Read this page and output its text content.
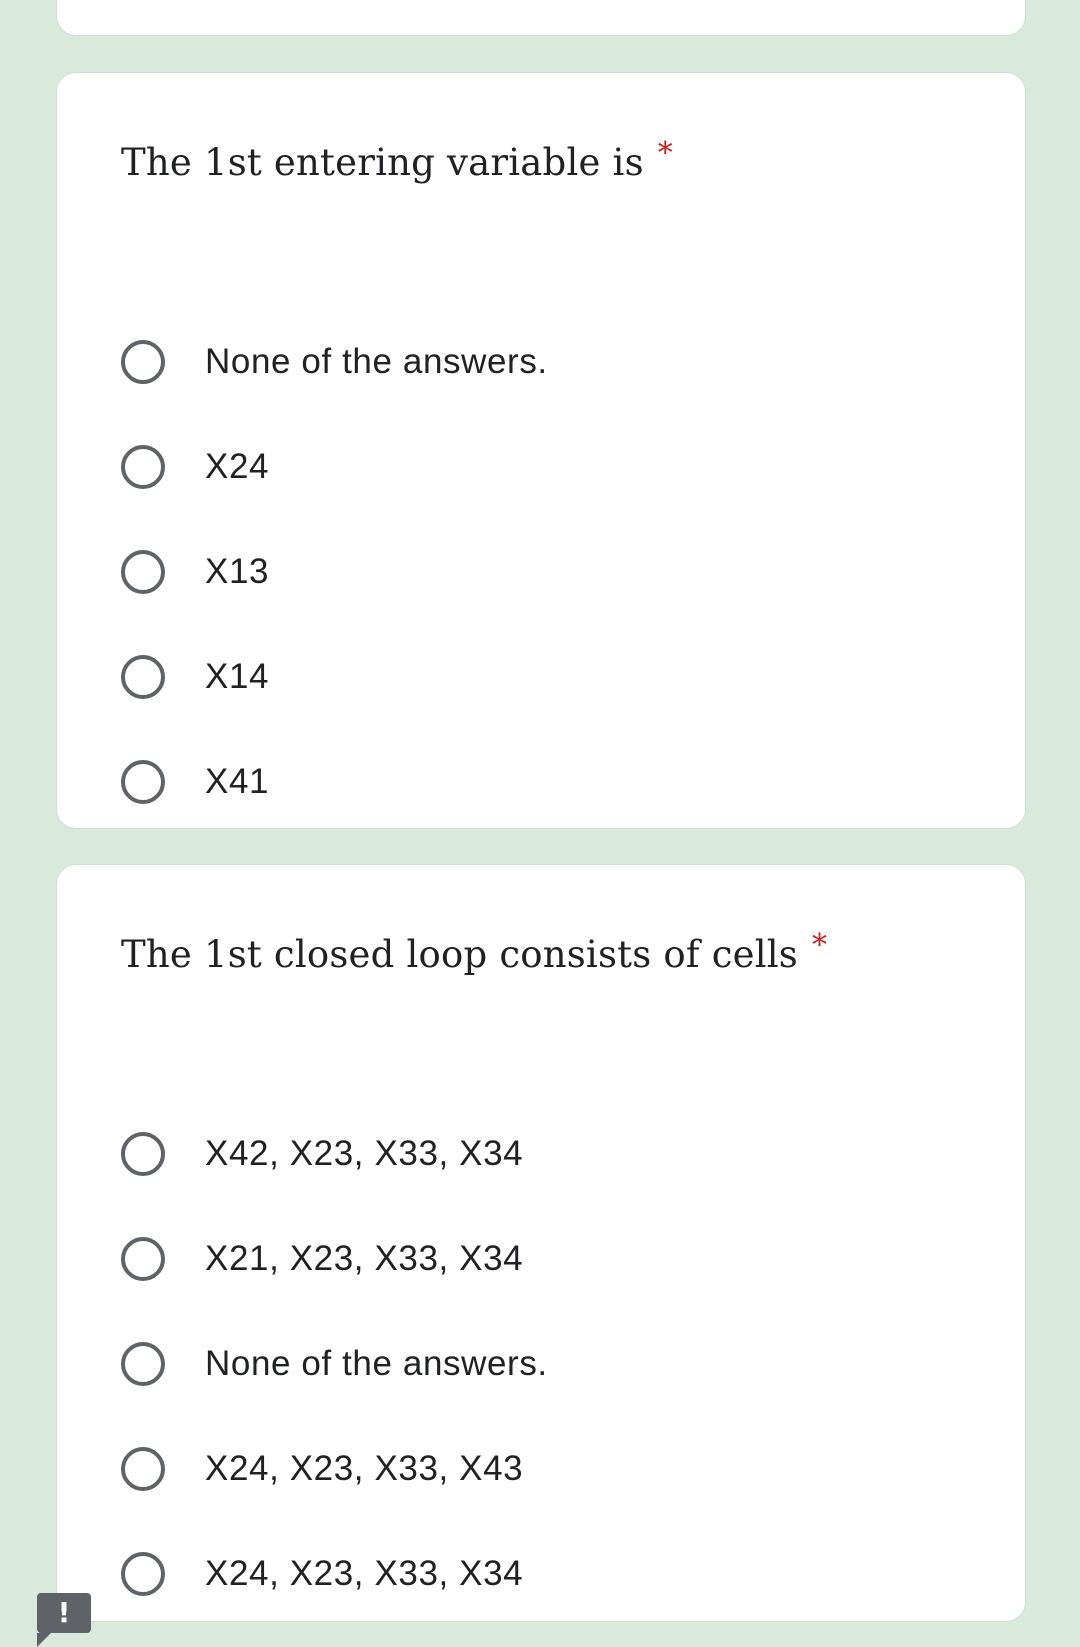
The 1st entering variable is *
None of the answers.
X24
X13
X14
X41
The 1st closed loop consists of cells *
X42, X23, X33, X34
X21, X23, X33, X34
None of the answers.
X24, X23, X33, X43
X24, X23, X33, X34
!
